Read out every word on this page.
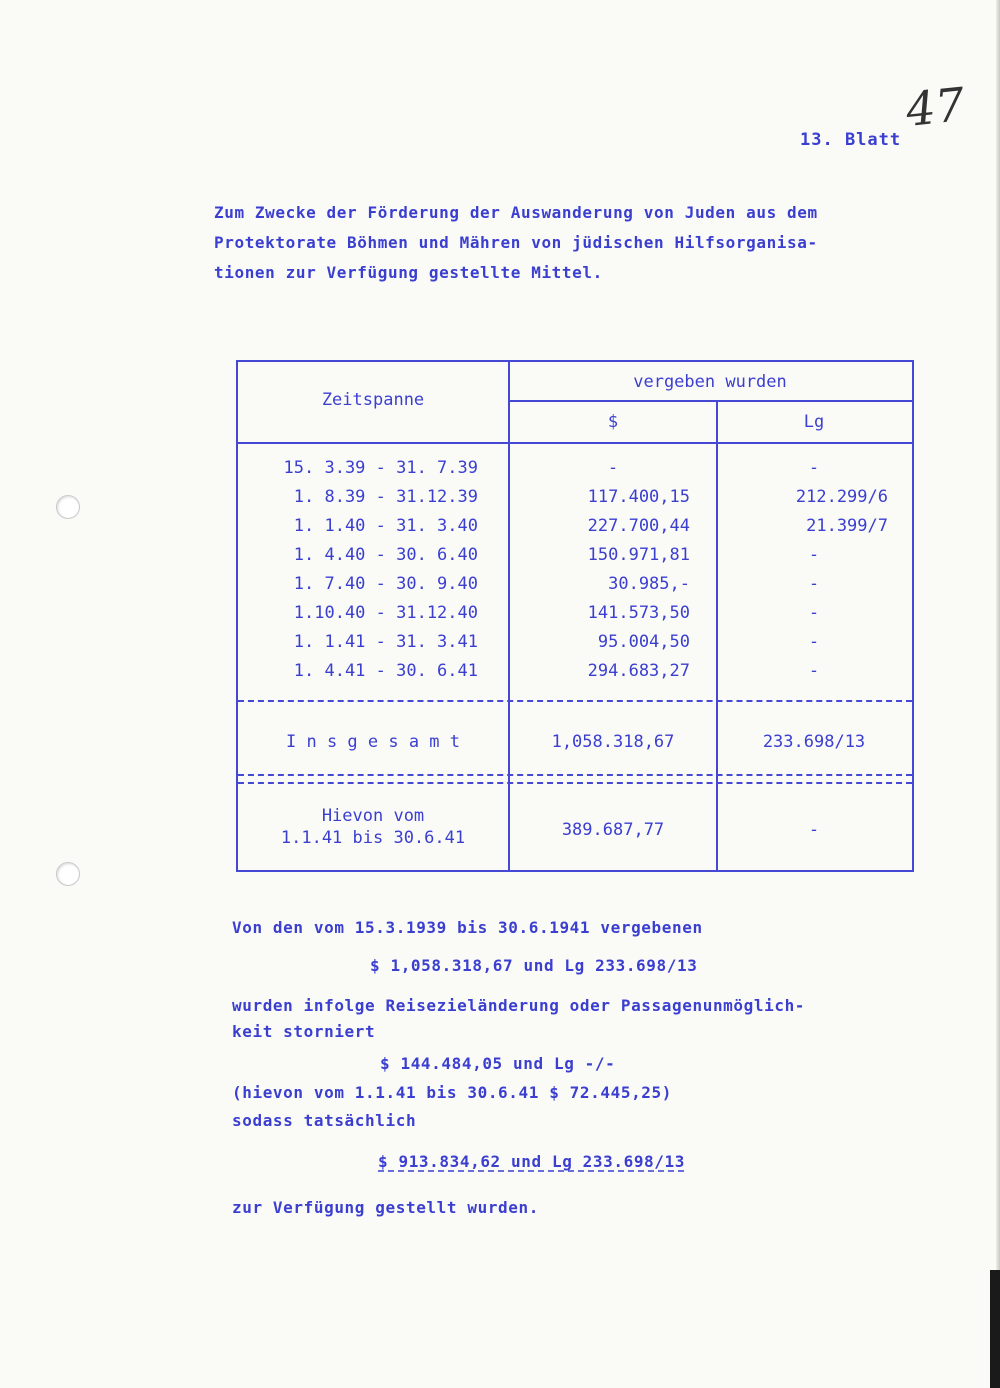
13. Blatt
47
Zum Zwecke der Förderung der Auswanderung von Juden aus dem
Protektorate Böhmen und Mähren von jüdischen Hilfsorganisa-
tionen zur Verfügung gestellte Mittel.
Zeitspanne
vergeben wurden
$	Lg
15. 3.39 - 31. 7.39	-	-
1. 8.39 - 31.12.39	117.400,15	212.299/6
1. 1.40 - 31. 3.40	227.700,44	21.399/7
1. 4.40 - 30. 6.40	150.971,81	-
1. 7.40 - 30. 9.40	30.985,-	-
1.10.40 - 31.12.40	141.573,50	-
1. 1.41 - 31. 3.41	95.004,50	-
1. 4.41 - 30. 6.41	294.683,27	-
I n s g e s a m t	1,058.318,67	233.698/13
Hievon vom
1.1.41 bis 30.6.41	389.687,77	-
Von den vom 15.3.1939 bis 30.6.1941 vergebenen
$ 1,058.318,67 und Lg 233.698/13
wurden infolge Reisezieländerung oder Passagenunmöglich-
keit storniert
$ 144.484,05 und Lg -/-
(hievon vom 1.1.41 bis 30.6.41 $ 72.445,25)
sodass tatsächlich
$ 913.834,62 und Lg 233.698/13
zur Verfügung gestellt wurden.
